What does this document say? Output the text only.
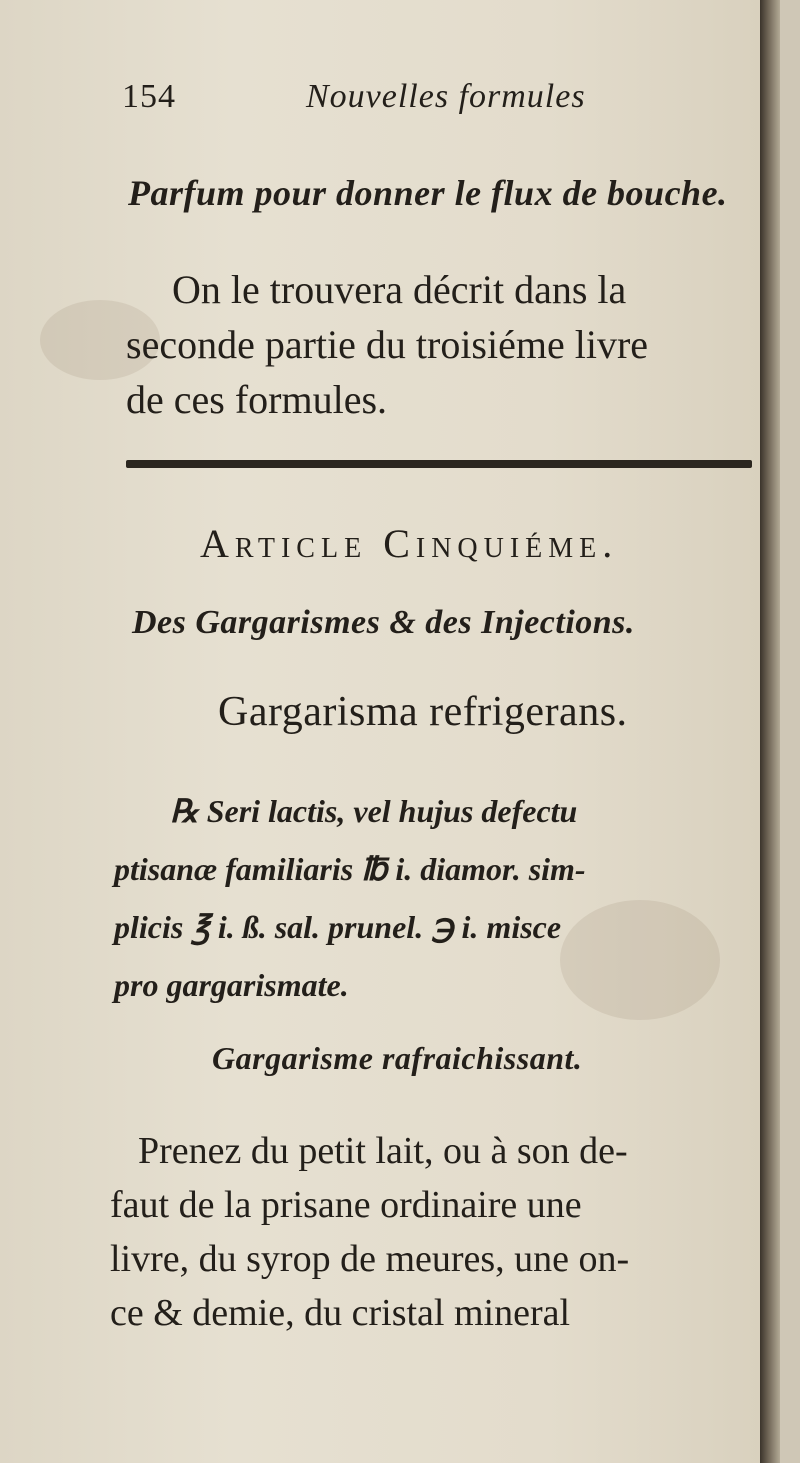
154	Nouvelles formules
Parfum pour donner le flux de bouche.
On le trouvera décrit dans la
seconde partie du troisiéme livre
de ces formules.
Article Cinquiéme.
Des Gargarismes & des Injections.
Gargarisma refrigerans.
℞ Seri lactis, vel hujus defectu
ptisanæ familiaris ℔ i. diamor. sim-
plicis ℥ i. ß. sal. prunel. ℈ i. misce
pro gargarismate.
Gargarisme rafraichissant.
Prenez du petit lait, ou à son de-
faut de la prisane ordinaire une
livre, du syrop de meures, une on-
ce & demie, du cristal mineral
